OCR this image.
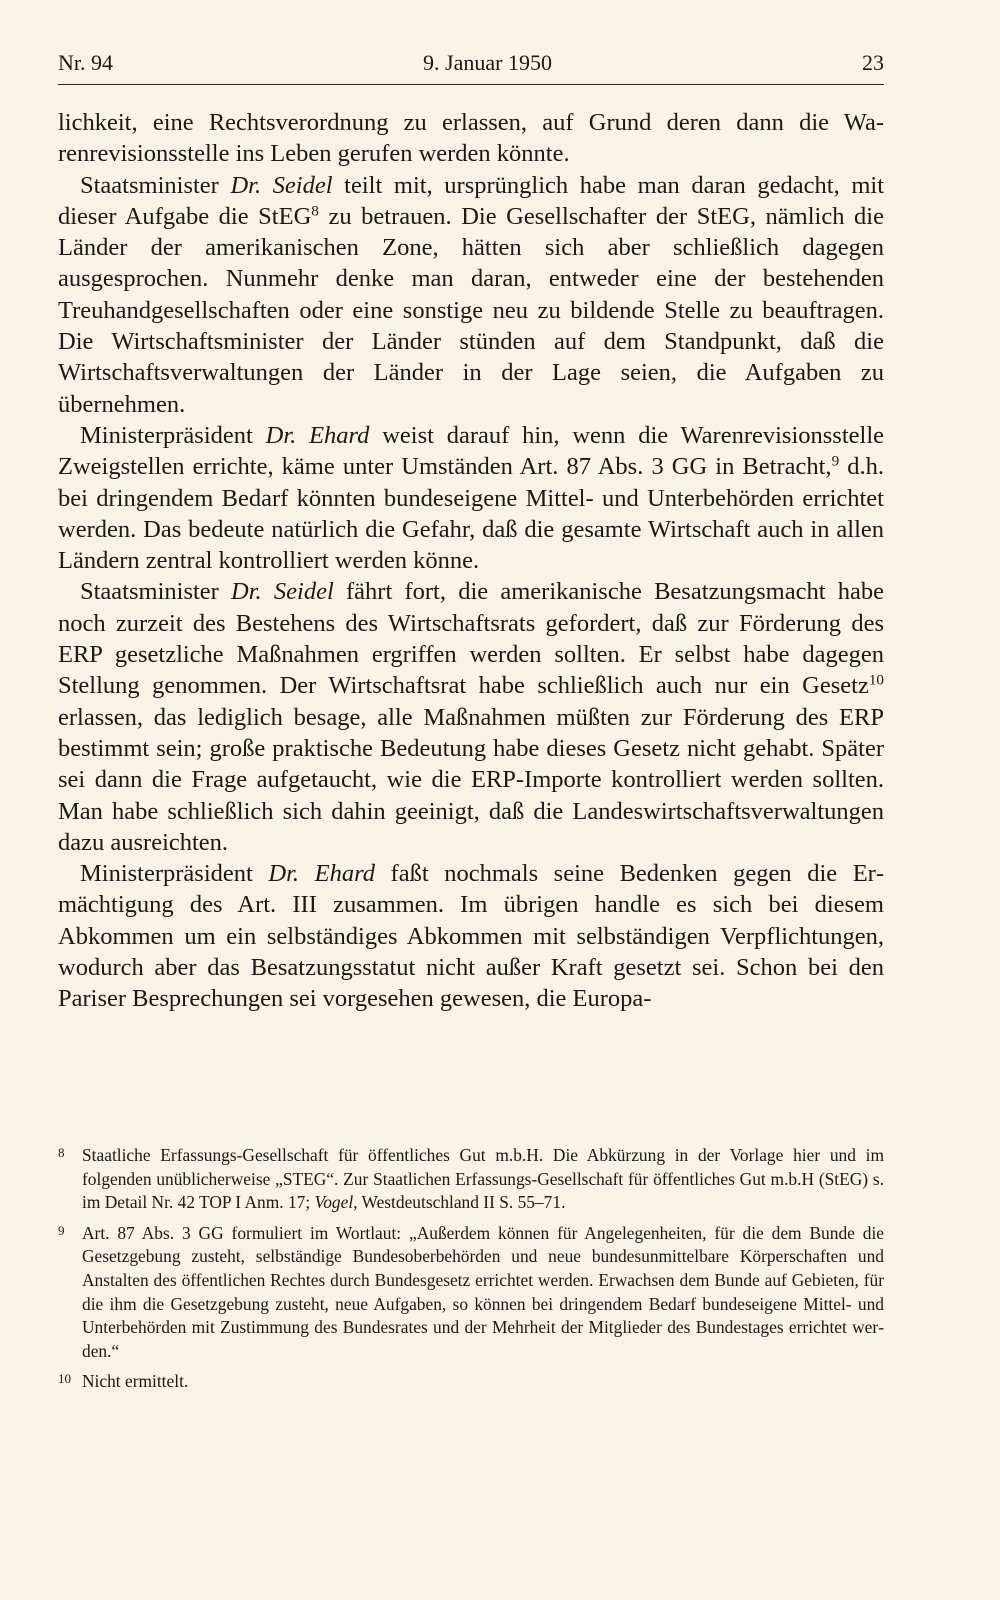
Nr. 94	9. Januar 1950	23

lichkeit, eine Rechtsverordnung zu erlassen, auf Grund deren dann die Warenrevisionsstelle ins Leben gerufen werden könnte.

Staatsminister Dr. Seidel teilt mit, ursprünglich habe man daran gedacht, mit dieser Aufgabe die StEG$^8$ zu betrauen. Die Gesellschafter der StEG, nämlich die Länder der amerikanischen Zone, hätten sich aber schließlich dagegen ausgesprochen. Nunmehr denke man daran, entweder eine der bestehenden Treuhandgesellschaften oder eine sonstige neu zu bildende Stelle zu beauftragen. Die Wirtschaftsminister der Länder stünden auf dem Standpunkt, daß die Wirtschaftsverwaltungen der Länder in der Lage seien, die Aufgaben zu übernehmen.

Ministerpräsident Dr. Ehard weist darauf hin, wenn die Warenrevisionsstelle Zweigstellen errichte, käme unter Umständen Art. 87 Abs. 3 GG in Betracht,$^9$ d.h. bei dringendem Bedarf könnten bundeseigene Mittel- und Unterbehörden errichtet werden. Das bedeute natürlich die Gefahr, daß die gesamte Wirtschaft auch in allen Ländern zentral kontrolliert werden könne.

Staatsminister Dr. Seidel fährt fort, die amerikanische Besatzungsmacht habe noch zurzeit des Bestehens des Wirtschaftsrats gefordert, daß zur Förderung des ERP gesetzliche Maßnahmen ergriffen werden sollten. Er selbst habe dagegen Stellung genommen. Der Wirtschaftsrat habe schließlich auch nur ein Gesetz$^{10}$ erlassen, das lediglich besage, alle Maßnahmen müßten zur Förderung des ERP bestimmt sein; große praktische Bedeutung habe dieses Gesetz nicht gehabt. Später sei dann die Frage aufgetaucht, wie die ERP-Importe kontrolliert werden sollten. Man habe schließlich sich dahin geeinigt, daß die Landeswirtschaftsverwaltungen dazu ausreichten.

Ministerpräsident Dr. Ehard faßt nochmals seine Bedenken gegen die Ermächtigung des Art. III zusammen. Im übrigen handle es sich bei diesem Abkommen um ein selbständiges Abkommen mit selbständigen Verpflichtungen, wodurch aber das Besatzungsstatut nicht außer Kraft gesetzt sei. Schon bei den Pariser Besprechungen sei vorgesehen gewesen, die Europa-

8	Staatliche Erfassungs-Gesellschaft für öffentliches Gut m.b.H. Die Abkürzung in der Vorlage hier und im folgenden unüblicherweise „STEG“. Zur Staatlichen Erfassungs-Gesellschaft für öffentliches Gut m.b.H (StEG) s. im Detail Nr. 42 TOP I Anm. 17; Vogel, Westdeutschland II S. 55–71.
9	Art. 87 Abs. 3 GG formuliert im Wortlaut: „Außerdem können für Angelegenheiten, für die dem Bunde die Gesetzgebung zusteht, selbständige Bundesoberbehörden und neue bundesunmittelbare Körperschaften und Anstalten des öffentlichen Rechtes durch Bundesgesetz errichtet werden. Erwachsen dem Bunde auf Gebieten, für die ihm die Gesetzgebung zusteht, neue Aufgaben, so können bei dringendem Bedarf bundeseigene Mittel- und Unterbehörden mit Zustimmung des Bundesrates und der Mehrheit der Mitglieder des Bundestages errichtet werden.“
10 Nicht ermittelt.
